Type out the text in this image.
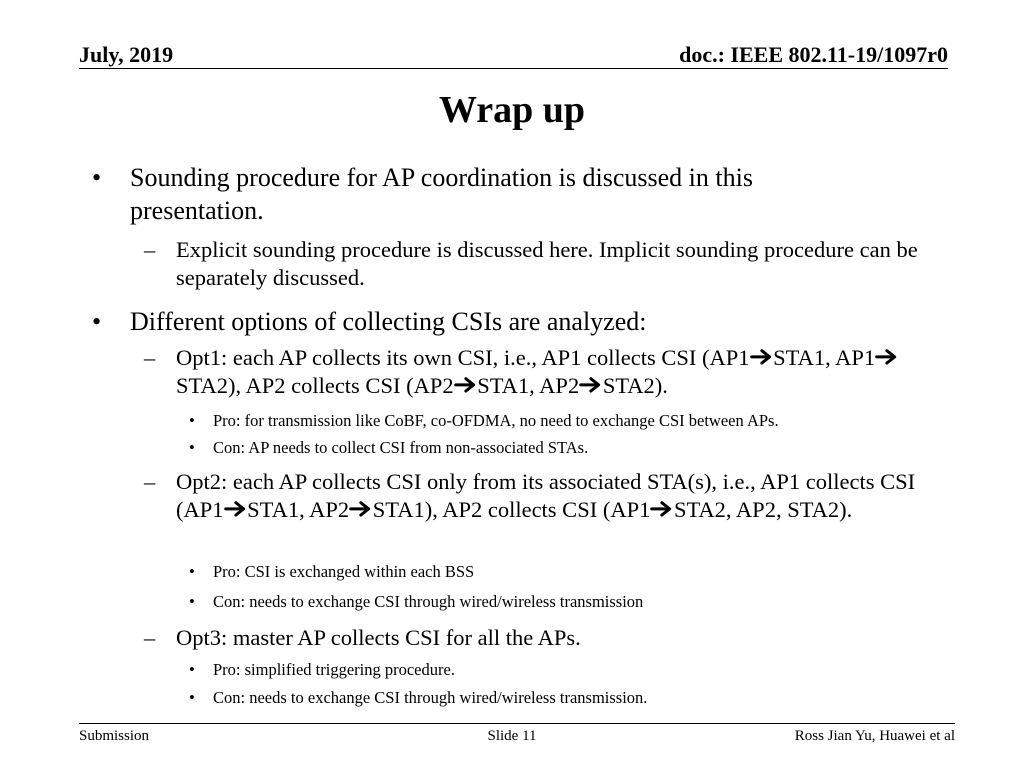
July, 2019	doc.: IEEE 802.11-19/1097r0
Wrap up
• Sounding procedure for AP coordination is discussed in this presentation.
– Explicit sounding procedure is discussed here. Implicit sounding procedure can be separately discussed.
• Different options of collecting CSIs are analyzed:
– Opt1: each AP collects its own CSI, i.e., AP1 collects CSI (AP1 STA1, AP1
STA2), AP2 collects CSI (AP2 STA1, AP2 STA2).
• Pro: for transmission like CoBF, co-OFDMA, no need to exchange CSI between APs.
• Con: AP needs to collect CSI from non-associated STAs.
– Opt2: each AP collects CSI only from its associated STA(s), i.e., AP1 collects CSI (AP1 STA1, AP2 STA1), AP2 collects CSI (AP1 STA2, AP2, STA2).
• Pro: CSI is exchanged within each BSS
• Con: needs to exchange CSI through wired/wireless transmission
– Opt3: master AP collects CSI for all the APs.
• Pro: simplified triggering procedure.
• Con: needs to exchange CSI through wired/wireless transmission.
Submission	Slide 11	Ross Jian Yu, Huawei et al
